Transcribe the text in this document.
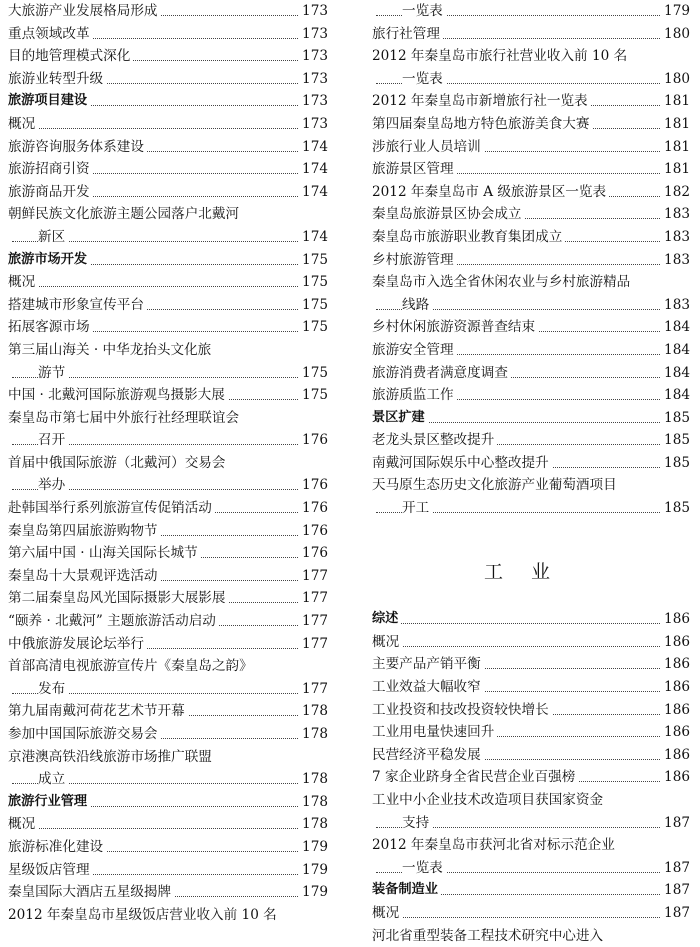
大旅游产业发展格局形成	173
重点领域改革	173
目的地管理模式深化	173
旅游业转型升级	173
旅游项目建设	173
概况	173
旅游咨询服务体系建设	174
旅游招商引资	174
旅游商品开发	174
朝鲜民族文化旅游主题公园落户北戴河
新区	174
旅游市场开发	175
概况	175
搭建城市形象宣传平台	175
拓展客源市场	175
第三届山海关 · 中华龙抬头文化旅
游节	175
中国 · 北戴河国际旅游观鸟摄影大展	175
秦皇岛市第七届中外旅行社经理联谊会
召开	176
首届中俄国际旅游（北戴河）交易会
举办	176
赴韩国举行系列旅游宣传促销活动	176
秦皇岛第四届旅游购物节	176
第六届中国 · 山海关国际长城节	176
秦皇岛十大景观评选活动	177
第二届秦皇岛风光国际摄影大展影展	177
“颐养 · 北戴河” 主题旅游活动启动	177
中俄旅游发展论坛举行	177
首部高清电视旅游宣传片《秦皇岛之韵》
发布	177
第九届南戴河荷花艺术节开幕	178
参加中国国际旅游交易会	178
京港澳高铁沿线旅游市场推广联盟
成立	178
旅游行业管理	178
概况	178
旅游标准化建设	179
星级饭店管理	179
秦皇国际大酒店五星级揭牌	179
2012 年秦皇岛市星级饭店营业收入前 10 名
一览表	179
旅行社管理	180
2012 年秦皇岛市旅行社营业收入前 10 名
一览表	180
2012 年秦皇岛市新增旅行社一览表	181
第四届秦皇岛地方特色旅游美食大赛	181
涉旅行业人员培训	181
旅游景区管理	181
2012 年秦皇岛市 A 级旅游景区一览表	182
秦皇岛旅游景区协会成立	183
秦皇岛市旅游职业教育集团成立	183
乡村旅游管理	183
秦皇岛市入选全省休闲农业与乡村旅游精品
线路	183
乡村休闲旅游资源普查结束	184
旅游安全管理	184
旅游消费者满意度调查	184
旅游质监工作	184
景区扩建	185
老龙头景区整改提升	185
南戴河国际娱乐中心整改提升	185
天马原生态历史文化旅游产业葡萄酒项目
开工	185
工业
综述	186
概况	186
主要产品产销平衡	186
工业效益大幅收窄	186
工业投资和技改投资较快增长	186
工业用电量快速回升	186
民营经济平稳发展	186
7 家企业跻身全省民营企业百强榜	186
工业中小企业技术改造项目获国家资金
支持	187
2012 年秦皇岛市获河北省对标示范企业
一览表	187
装备制造业	187
概况	187
河北省重型装备工程技术研究中心进入
